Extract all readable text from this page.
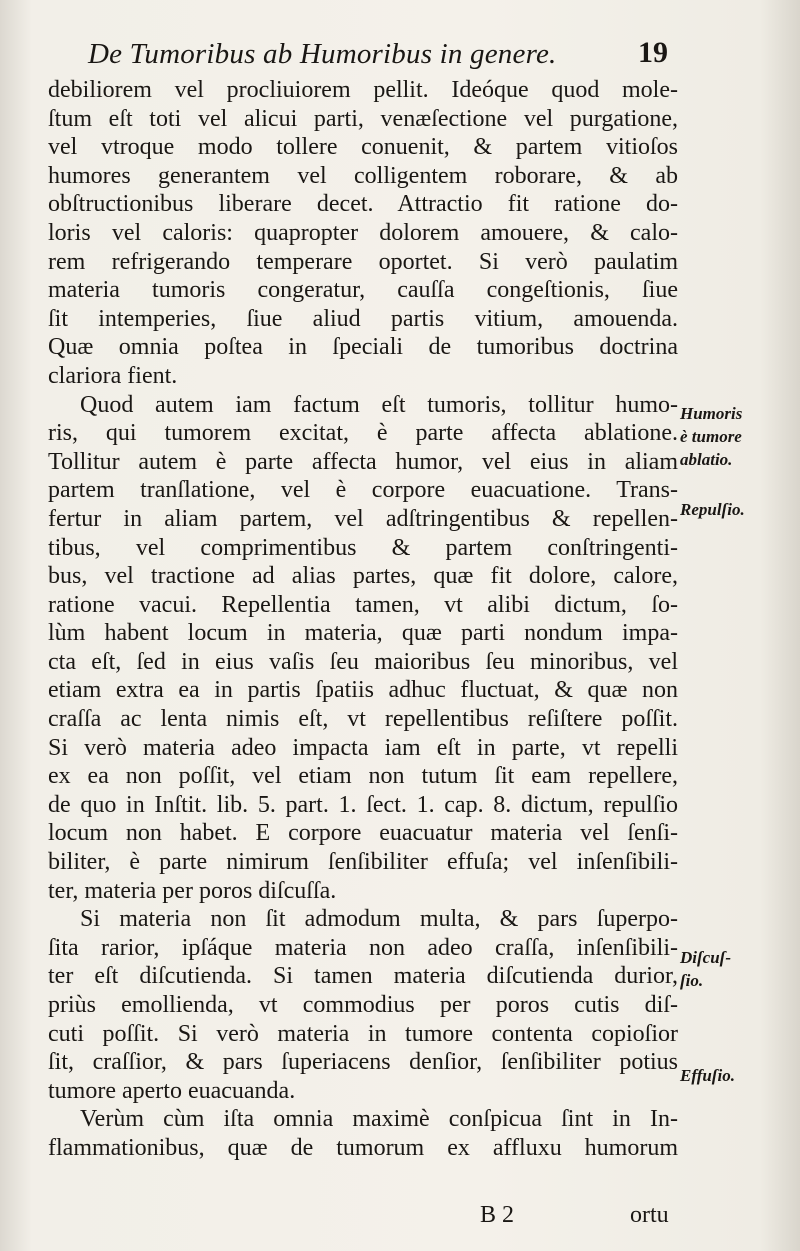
De Tumoribus ab Humoribus in genere.	19
debiliorem vel procliuiorem pellit. Ideóque quod mole-
ſtum eſt toti vel alicui parti, venæſectione vel purgatione,
vel vtroque modo tollere conuenit, & partem vitioſos
humores generantem vel colligentem roborare, & ab
obſtructionibus liberare decet. Attractio fit ratione do-
loris vel caloris: quapropter dolorem amouere, & calo-
rem refrigerando temperare oportet. Si verò paulatim
materia tumoris congeratur, cauſſa congeſtionis, ſiue
ſit intemperies, ſiue aliud partis vitium, amouenda.
Quæ omnia poſtea in ſpeciali de tumoribus doctrina
clariora fient.
Quod autem iam factum eſt tumoris, tollitur humo-
ris, qui tumorem excitat, è parte affecta ablatione.
Tollitur autem è parte affecta humor, vel eius in aliam
partem tranſlatione, vel è corpore euacuatione. Trans-
fertur in aliam partem, vel adſtringentibus & repellen-
tibus, vel comprimentibus & partem conſtringenti-
bus, vel tractione ad alias partes, quæ fit dolore, calore,
ratione vacui. Repellentia tamen, vt alibi dictum, ſo-
lùm habent locum in materia, quæ parti nondum impa-
cta eſt, ſed in eius vaſis ſeu maioribus ſeu minoribus, vel
etiam extra ea in partis ſpatiis adhuc fluctuat, & quæ non
craſſa ac lenta nimis eſt, vt repellentibus reſiſtere poſſit.
Si verò materia adeo impacta iam eſt in parte, vt repelli
ex ea non poſſit, vel etiam non tutum ſit eam repellere,
de quo in Inſtit. lib. 5. part. 1. ſect. 1. cap. 8. dictum, repulſio
locum non habet. E corpore euacuatur materia vel ſenſi-
biliter, è parte nimirum ſenſibiliter effuſa; vel inſenſibili-
ter, materia per poros diſcuſſa.
Si materia non ſit admodum multa, & pars ſuperpo-
ſita rarior, ipſáque materia non adeo craſſa, inſenſibili-
ter eſt diſcutienda. Si tamen materia diſcutienda durior,
priùs emollienda, vt commodius per poros cutis diſ-
cuti poſſit. Si verò materia in tumore contenta copioſior
ſit, craſſior, & pars ſuperiacens denſior, ſenſibiliter potius
tumore aperto euacuanda.
Verùm cùm iſta omnia maximè conſpicua ſint in In-
flammationibus, quæ de tumorum ex affluxu humorum
Humoris
è tumore
ablatio.
Repulſio.
Diſcuſ-
ſio.
Effuſio.
B 2	ortu
